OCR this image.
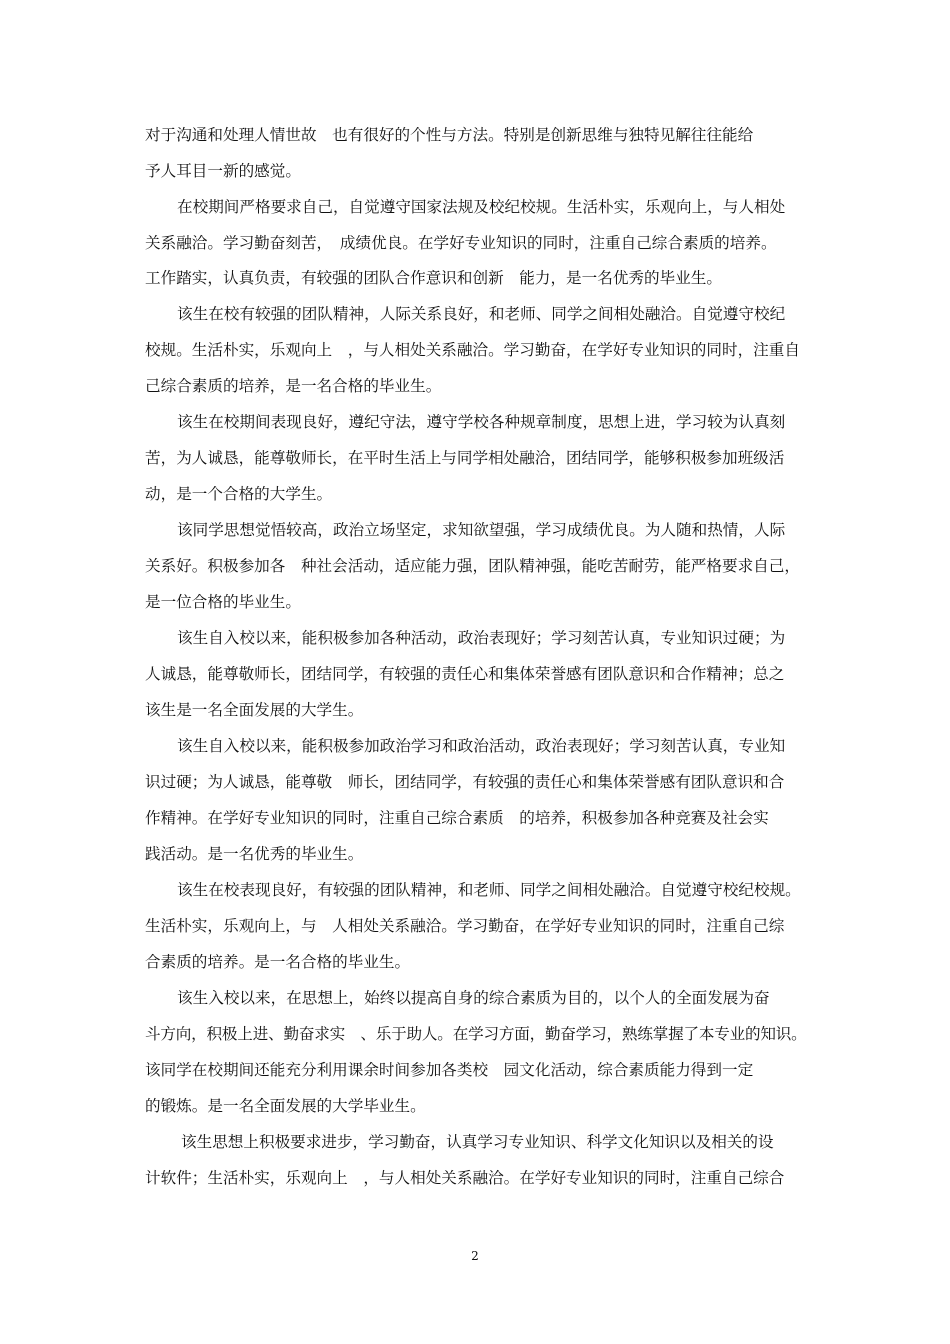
对于沟通和处理人情世故　也有很好的个性与方法。特别是创新思维与独特见解往往能给
予人耳目一新的感觉。
在校期间严格要求自己，自觉遵守国家法规及校纪校规。生活朴实，乐观向上，与人相处
关系融洽。学习勤奋刻苦，　成绩优良。在学好专业知识的同时，注重自己综合素质的培养。
工作踏实，认真负责，有较强的团队合作意识和创新　能力，是一名优秀的毕业生。
该生在校有较强的团队精神，人际关系良好，和老师、同学之间相处融洽。自觉遵守校纪
校规。生活朴实，乐观向上　，与人相处关系融洽。学习勤奋，在学好专业知识的同时，注重自
己综合素质的培养，是一名合格的毕业生。
该生在校期间表现良好，遵纪守法，遵守学校各种规章制度，思想上进，学习较为认真刻
苦，为人诚恳，能尊敬师长，在平时生活上与同学相处融洽，团结同学，能够积极参加班级活
动，是一个合格的大学生。
该同学思想觉悟较高，政治立场坚定，求知欲望强，学习成绩优良。为人随和热情，人际
关系好。积极参加各　种社会活动，适应能力强，团队精神强，能吃苦耐劳，能严格要求自己，
是一位合格的毕业生。
该生自入校以来，能积极参加各种活动，政治表现好；学习刻苦认真，专业知识过硬；为
人诚恳，能尊敬师长，团结同学，有较强的责任心和集体荣誉感有团队意识和合作精神；总之
该生是一名全面发展的大学生。
该生自入校以来，能积极参加政治学习和政治活动，政治表现好；学习刻苦认真，专业知
识过硬；为人诚恳，能尊敬　师长，团结同学，有较强的责任心和集体荣誉感有团队意识和合
作精神。在学好专业知识的同时，注重自己综合素质　的培养，积极参加各种竞赛及社会实
践活动。是一名优秀的毕业生。
该生在校表现良好，有较强的团队精神，和老师、同学之间相处融洽。自觉遵守校纪校规。
生活朴实，乐观向上，与　人相处关系融洽。学习勤奋，在学好专业知识的同时，注重自己综
合素质的培养。是一名合格的毕业生。
该生入校以来，在思想上，始终以提高自身的综合素质为目的，以个人的全面发展为奋
斗方向，积极上进、勤奋求实　、乐于助人。在学习方面，勤奋学习，熟练掌握了本专业的知识。
该同学在校期间还能充分利用课余时间参加各类校　园文化活动，综合素质能力得到一定
的锻炼。是一名全面发展的大学毕业生。
该生思想上积极要求进步，学习勤奋，认真学习专业知识、科学文化知识以及相关的设
计软件；生活朴实，乐观向上　，与人相处关系融洽。在学好专业知识的同时，注重自己综合
2
